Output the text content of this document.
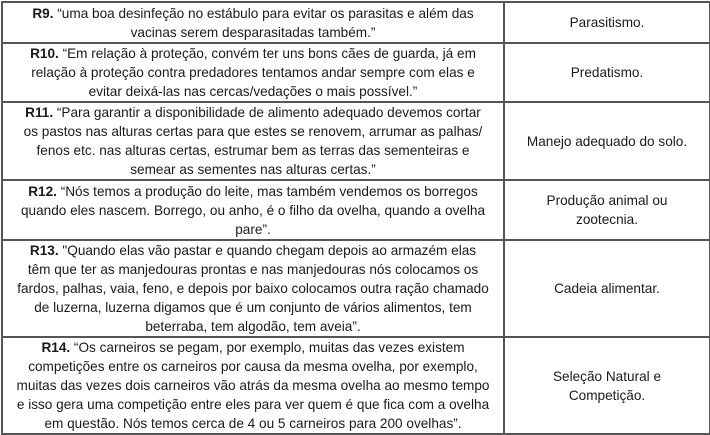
R9. “uma boa desinfeção no estábulo para evitar os parasitas e além das
vacinas serem desparasitadas também.”	Parasitismo.
R10. “Em relação à proteção, convém ter uns bons cães de guarda, já em
relação à proteção contra predadores tentamos andar sempre com elas e
evitar deixá-las nas cercas/vedações o mais possível.”	Predatismo.
R11. “Para garantir a disponibilidade de alimento adequado devemos cortar
os pastos nas alturas certas para que estes se renovem, arrumar as palhas/
fenos etc. nas alturas certas, estrumar bem as terras das sementeiras e
semear as sementes nas alturas certas.”	Manejo adequado do solo.
R12. “Nós temos a produção do leite, mas também vendemos os borregos
quando eles nascem. Borrego, ou anho, é o filho da ovelha, quando a ovelha
pare”.	Produção animal ou
zootecnia.
R13. "Quando elas vão pastar e quando chegam depois ao armazém elas
têm que ter as manjedouras prontas e nas manjedouras nós colocamos os
fardos, palhas, vaia, feno, e depois por baixo colocamos outra ração chamado
de luzerna, luzerna digamos que é um conjunto de vários alimentos, tem
beterraba, tem algodão, tem aveia”.	Cadeia alimentar.
R14. “Os carneiros se pegam, por exemplo, muitas das vezes existem
competições entre os carneiros por causa da mesma ovelha, por exemplo,
muitas das vezes dois carneiros vão atrás da mesma ovelha ao mesmo tempo
e isso gera uma competição entre eles para ver quem é que fica com a ovelha
em questão. Nós temos cerca de 4 ou 5 carneiros para 200 ovelhas”.	Seleção Natural e
Competição.
